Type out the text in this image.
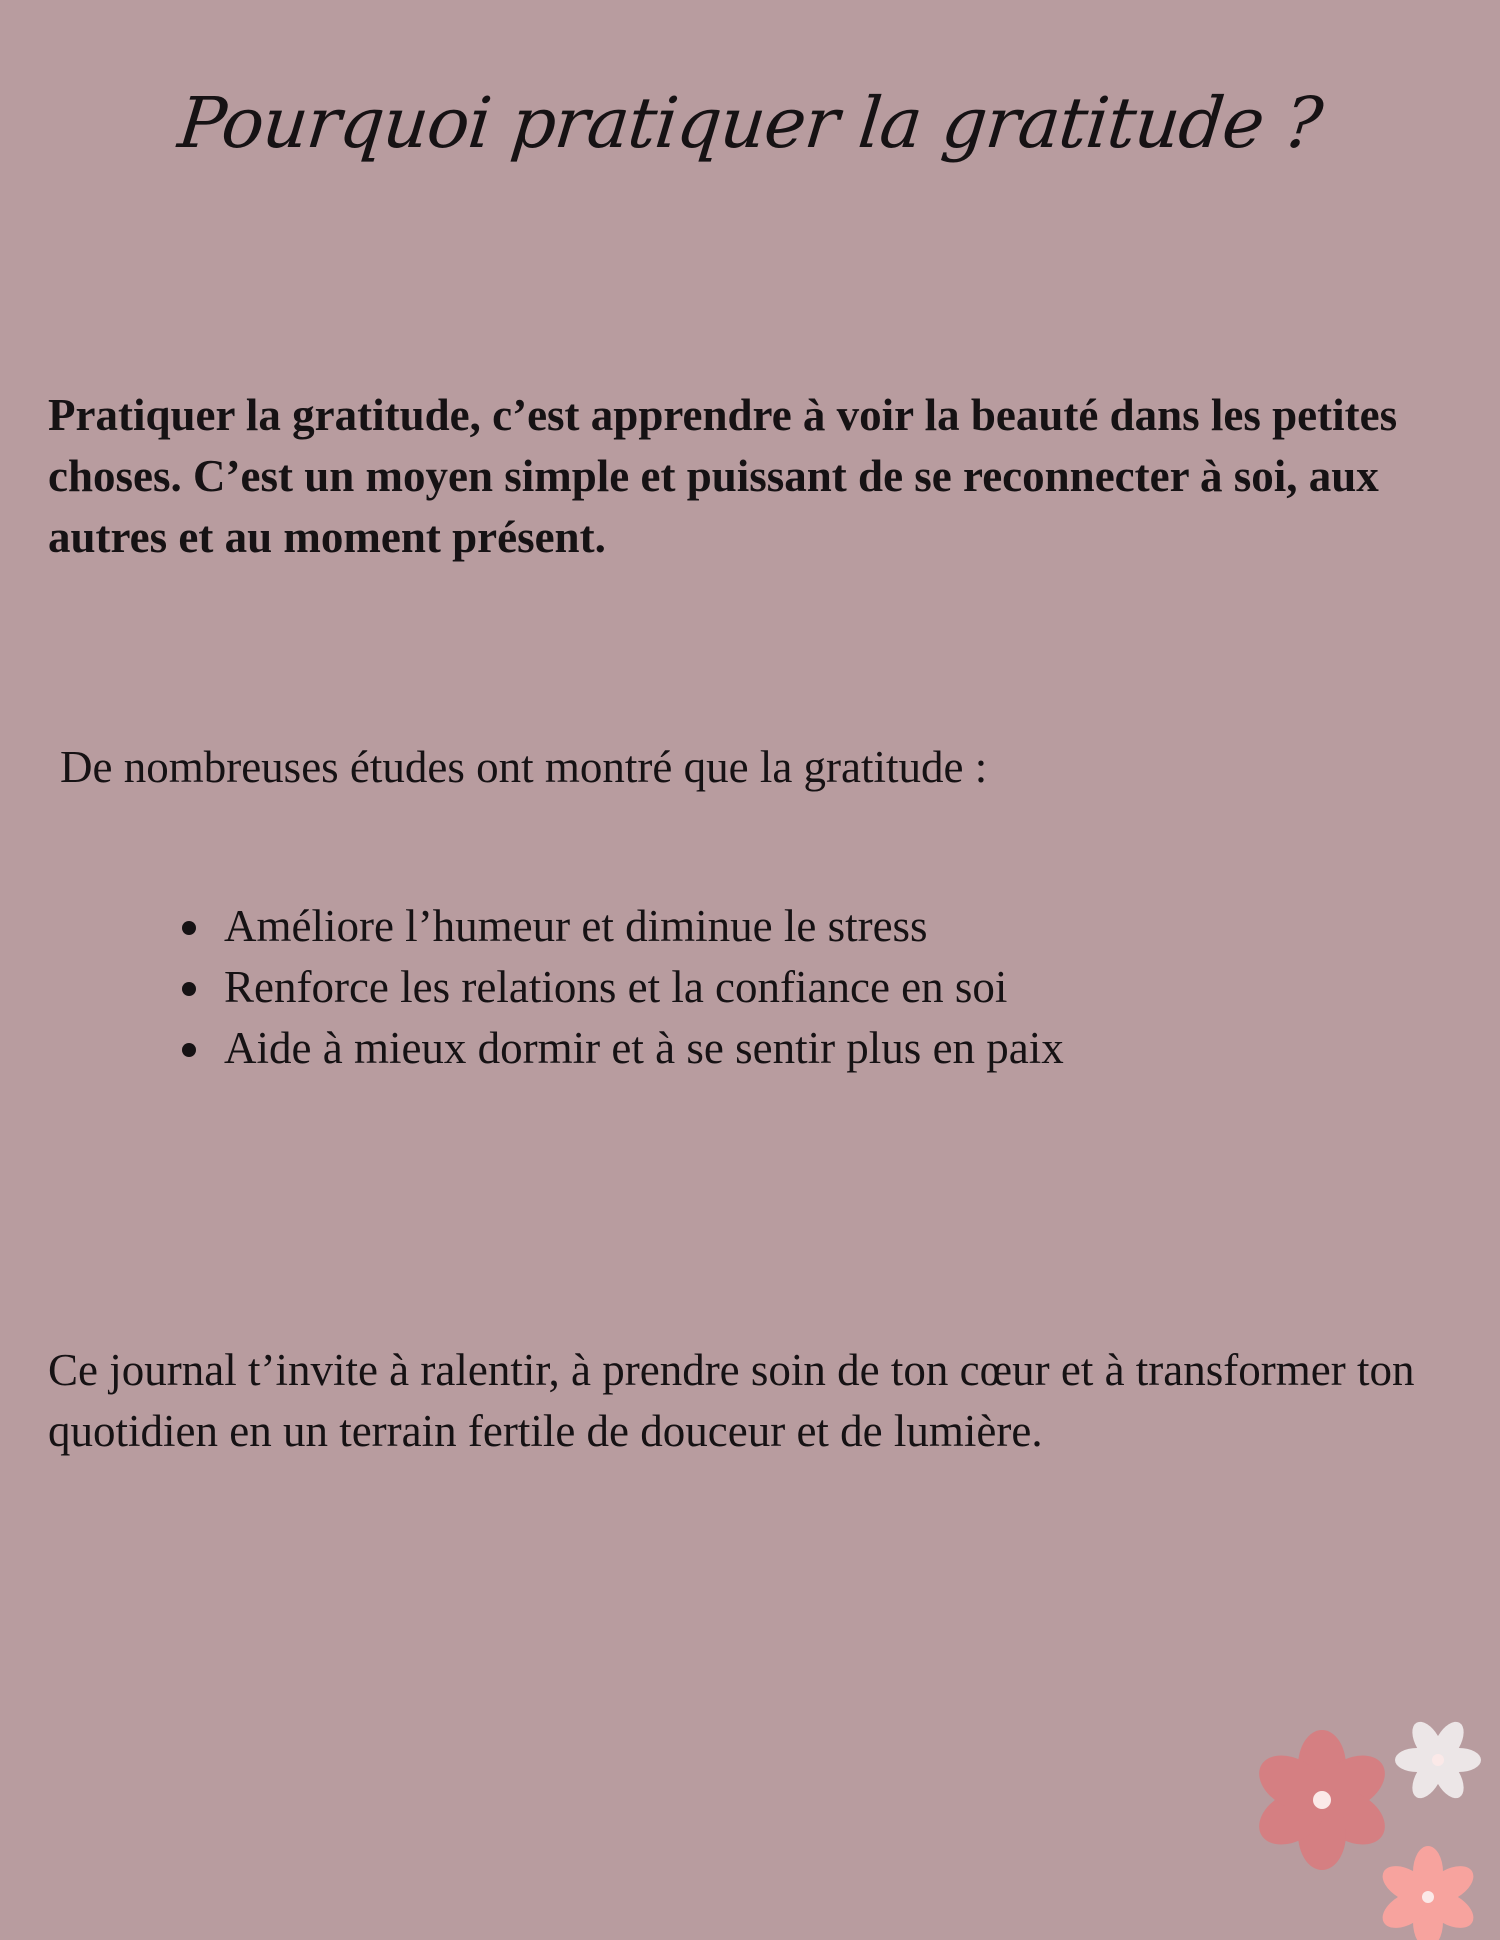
Pourquoi pratiquer la gratitude ?

Pratiquer la gratitude, c’est apprendre à voir la beauté dans les petites choses. C’est un moyen simple et puissant de se reconnecter à soi, aux autres et au moment présent.

De nombreuses études ont montré que la gratitude :

Améliore l’humeur et diminue le stress
Renforce les relations et la confiance en soi
Aide à mieux dormir et à se sentir plus en paix

Ce journal t’invite à ralentir, à prendre soin de ton cœur et à transformer ton quotidien en un terrain fertile de douceur et de lumière.
